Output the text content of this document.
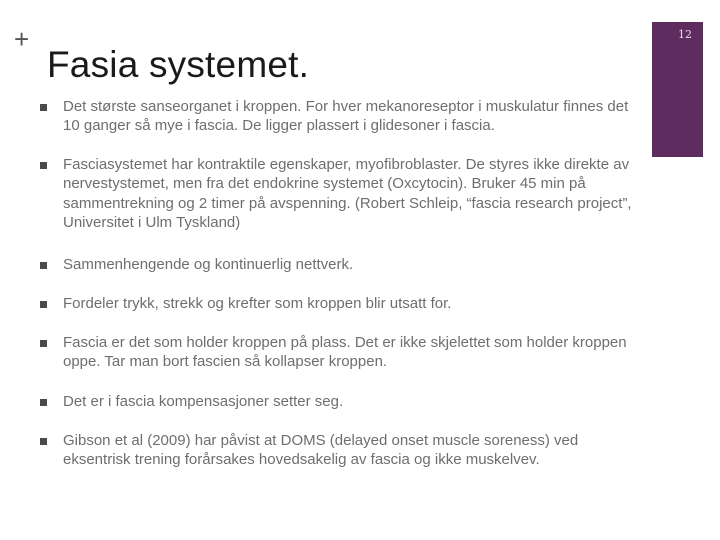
+	12
Fasia systemet.
Det største sanseorganet i kroppen. For hver mekanoreseptor i muskulatur finnes det 10 ganger så mye i fascia. De ligger plassert i glidesoner i fascia.
Fasciasystemet har kontraktile egenskaper, myofibroblaster. De styres ikke direkte av nervestystemet, men fra det endokrine systemet (Oxcytocin). Bruker 45 min på sammentrekning og 2 timer på avspenning. (Robert Schleip, “fascia research project”, Universitet i Ulm Tyskland)
Sammenhengende og kontinuerlig nettverk.
Fordeler trykk, strekk og krefter som kroppen blir utsatt for.
Fascia er det som holder kroppen på plass. Det er ikke skjelettet som holder kroppen oppe. Tar man bort fascien så kollapser kroppen.
Det er i fascia kompensasjoner setter seg.
Gibson et al (2009) har påvist at DOMS (delayed onset muscle soreness) ved eksentrisk trening forårsakes hovedsakelig av fascia og ikke muskelvev.
